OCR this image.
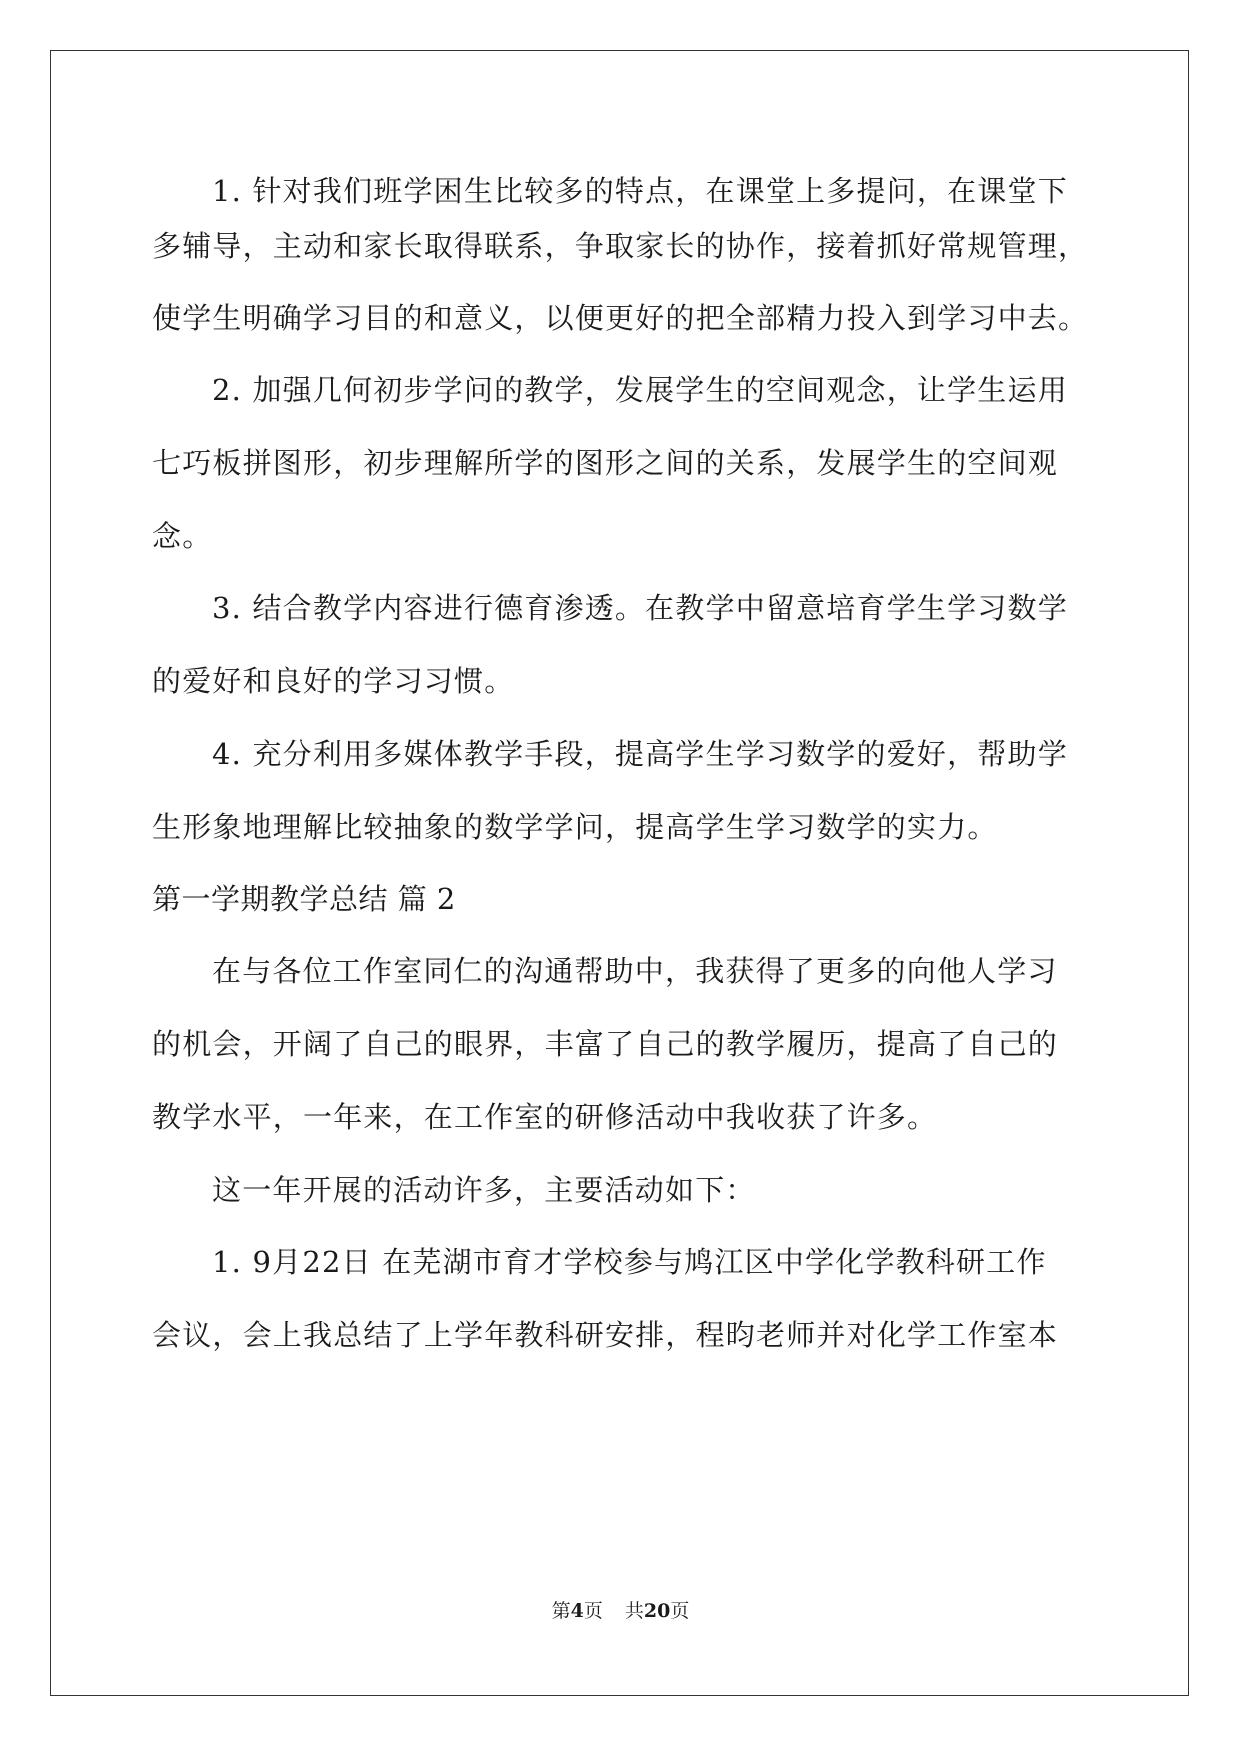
1. 针对我们班学困生比较多的特点，在课堂上多提问，在课堂下
多辅导，主动和家长取得联系，争取家长的协作，接着抓好常规管理，
使学生明确学习目的和意义，以便更好的把全部精力投入到学习中去。
2. 加强几何初步学问的教学，发展学生的空间观念，让学生运用
七巧板拼图形，初步理解所学的图形之间的关系，发展学生的空间观
念。
3. 结合教学内容进行德育渗透。在教学中留意培育学生学习数学
的爱好和良好的学习习惯。
4. 充分利用多媒体教学手段，提高学生学习数学的爱好，帮助学
生形象地理解比较抽象的数学学问，提高学生学习数学的实力。
第一学期教学总结 篇 2
在与各位工作室同仁的沟通帮助中，我获得了更多的向他人学习
的机会，开阔了自己的眼界，丰富了自己的教学履历，提高了自己的
教学水平，一年来，在工作室的研修活动中我收获了许多。
这一年开展的活动许多，主要活动如下：
1. 9月22日 在芜湖市育才学校参与鸠江区中学化学教科研工作
会议，会上我总结了上学年教科研安排，程昀老师并对化学工作室本
第4页 共20页
